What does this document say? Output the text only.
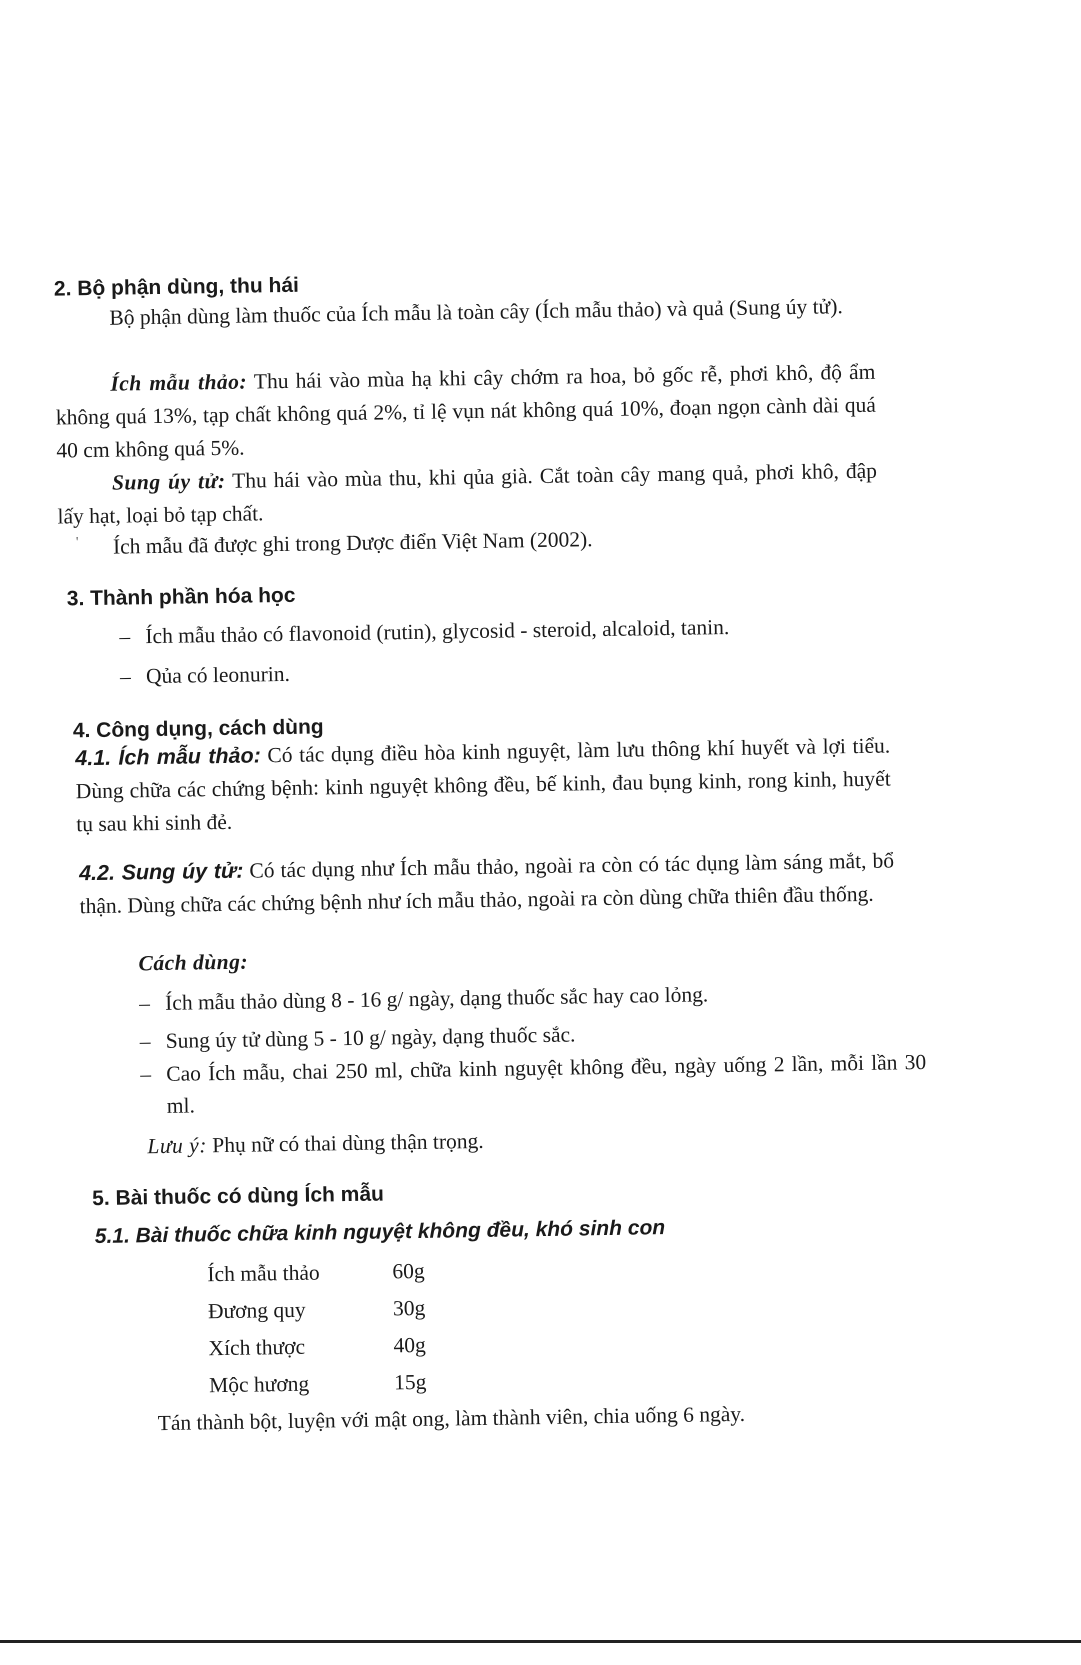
2. Bộ phận dùng, thu hái
Bộ phận dùng làm thuốc của Ích mẫu là toàn cây (Ích mẫu thảo) và quả (Sung úy tử).
Ích mẫu thảo: Thu hái vào mùa hạ khi cây chớm ra hoa, bỏ gốc rễ, phơi khô, độ ẩm không quá 13%, tạp chất không quá 2%, tỉ lệ vụn nát không quá 10%, đoạn ngọn cành dài quá 40 cm không quá 5%.
Sung úy tử: Thu hái vào mùa thu, khi qủa già. Cắt toàn cây mang quả, phơi khô, đập lấy hạt, loại bỏ tạp chất.
Ích mẫu đã được ghi trong Dược điển Việt Nam (2002).
3. Thành phần hóa học
– Ích mẫu thảo có flavonoid (rutin), glycosid - steroid, alcaloid, tanin.
– Qủa có leonurin.
4. Công dụng, cách dùng
4.1. Ích mẫu thảo: Có tác dụng điều hòa kinh nguyệt, làm lưu thông khí huyết và lợi tiểu. Dùng chữa các chứng bệnh: kinh nguyệt không đều, bế kinh, đau bụng kinh, rong kinh, huyết tụ sau khi sinh đẻ.
4.2. Sung úy tử: Có tác dụng như Ích mẫu thảo, ngoài ra còn có tác dụng làm sáng mắt, bổ thận. Dùng chữa các chứng bệnh như ích mẫu thảo, ngoài ra còn dùng chữa thiên đầu thống.
Cách dùng:
– Ích mẫu thảo dùng 8 - 16 g/ ngày, dạng thuốc sắc hay cao lỏng.
– Sung úy tử dùng 5 - 10 g/ ngày, dạng thuốc sắc.
– Cao Ích mẫu, chai 250 ml, chữa kinh nguyệt không đều, ngày uống 2 lần, mỗi lần 30 ml.
Lưu ý: Phụ nữ có thai dùng thận trọng.
5. Bài thuốc có dùng Ích mẫu
5.1. Bài thuốc chữa kinh nguyệt không đều, khó sinh con
Ích mẫu thảo	60g
Đương quy	30g
Xích thược	40g
Mộc hương	15g
Tán thành bột, luyện với mật ong, làm thành viên, chia uống 6 ngày.
'
